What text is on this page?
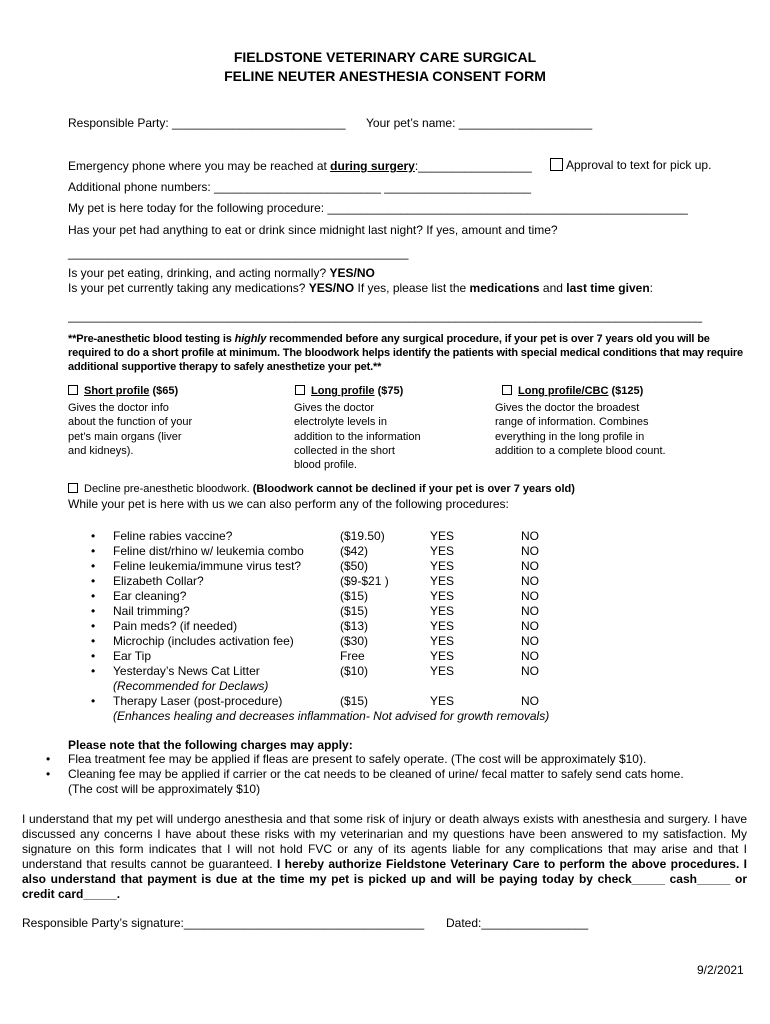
FIELDSTONE VETERINARY CARE SURGICAL
FELINE NEUTER ANESTHESIA CONSENT FORM
Responsible Party: __________________________ Your pet’s name: ____________________
Emergency phone where you may be reached at during surgery:_________________	Approval to text for pick up.
Additional phone numbers: _________________________ ______________________
My pet is here today for the following procedure: ______________________________________________________
Has your pet had anything to eat or drink since midnight last night? If yes, amount and time?
___________________________________________________
Is your pet eating, drinking, and acting normally? YES/NO
Is your pet currently taking any medications? YES/NO If yes, please list the medications and last time given:
_______________________________________________________________________________________________
**Pre-anesthetic blood testing is highly recommended before any surgical procedure, if your pet is over 7 years old you will be required to do a short profile at minimum. The bloodwork helps identify the patients with special medical conditions that may require additional supportive therapy to safely anesthetize your pet.**
Short profile ($65)
Gives the doctor info about the function of your pet’s main organs (liver and kidneys).
Long profile ($75)
Gives the doctor electrolyte levels in addition to the information collected in the short blood profile.
Long profile/CBC ($125)
Gives the doctor the broadest range of information. Combines everything in the long profile in addition to a complete blood count.
Decline pre-anesthetic bloodwork. (Bloodwork cannot be declined if your pet is over 7 years old)
While your pet is here with us we can also perform any of the following procedures:
• Feline rabies vaccine?	($19.50)	YES	NO
• Feline dist/rhino w/ leukemia combo	($42)	YES	NO
• Feline leukemia/immune virus test?	($50)	YES	NO
• Elizabeth Collar?	($9-$21 )	YES	NO
• Ear cleaning?	($15)	YES	NO
• Nail trimming?	($15)	YES	NO
• Pain meds? (if needed)	($13)	YES	NO
• Microchip (includes activation fee)	($30)	YES	NO
• Ear Tip	Free	YES	NO
• Yesterday’s News Cat Litter	($10)	YES	NO
(Recommended for Declaws)
• Therapy Laser (post-procedure)	($15)	YES	NO
(Enhances healing and decreases inflammation- Not advised for growth removals)
Please note that the following charges may apply:
• Flea treatment fee may be applied if fleas are present to safely operate. (The cost will be approximately $10).
• Cleaning fee may be applied if carrier or the cat needs to be cleaned of urine/ fecal matter to safely send cats home.
(The cost will be approximately $10)
I understand that my pet will undergo anesthesia and that some risk of injury or death always exists with anesthesia and surgery. I have discussed any concerns I have about these risks with my veterinarian and my questions have been answered to my satisfaction. My signature on this form indicates that I will not hold FVC or any of its agents liable for any complications that may arise and that I understand that results cannot be guaranteed. I hereby authorize Fieldstone Veterinary Care to perform the above procedures. I also understand that payment is due at the time my pet is picked up and will be paying today by check_____ cash_____ or credit card_____.
Responsible Party’s signature:____________________________________ Dated:________________
9/2/2021
